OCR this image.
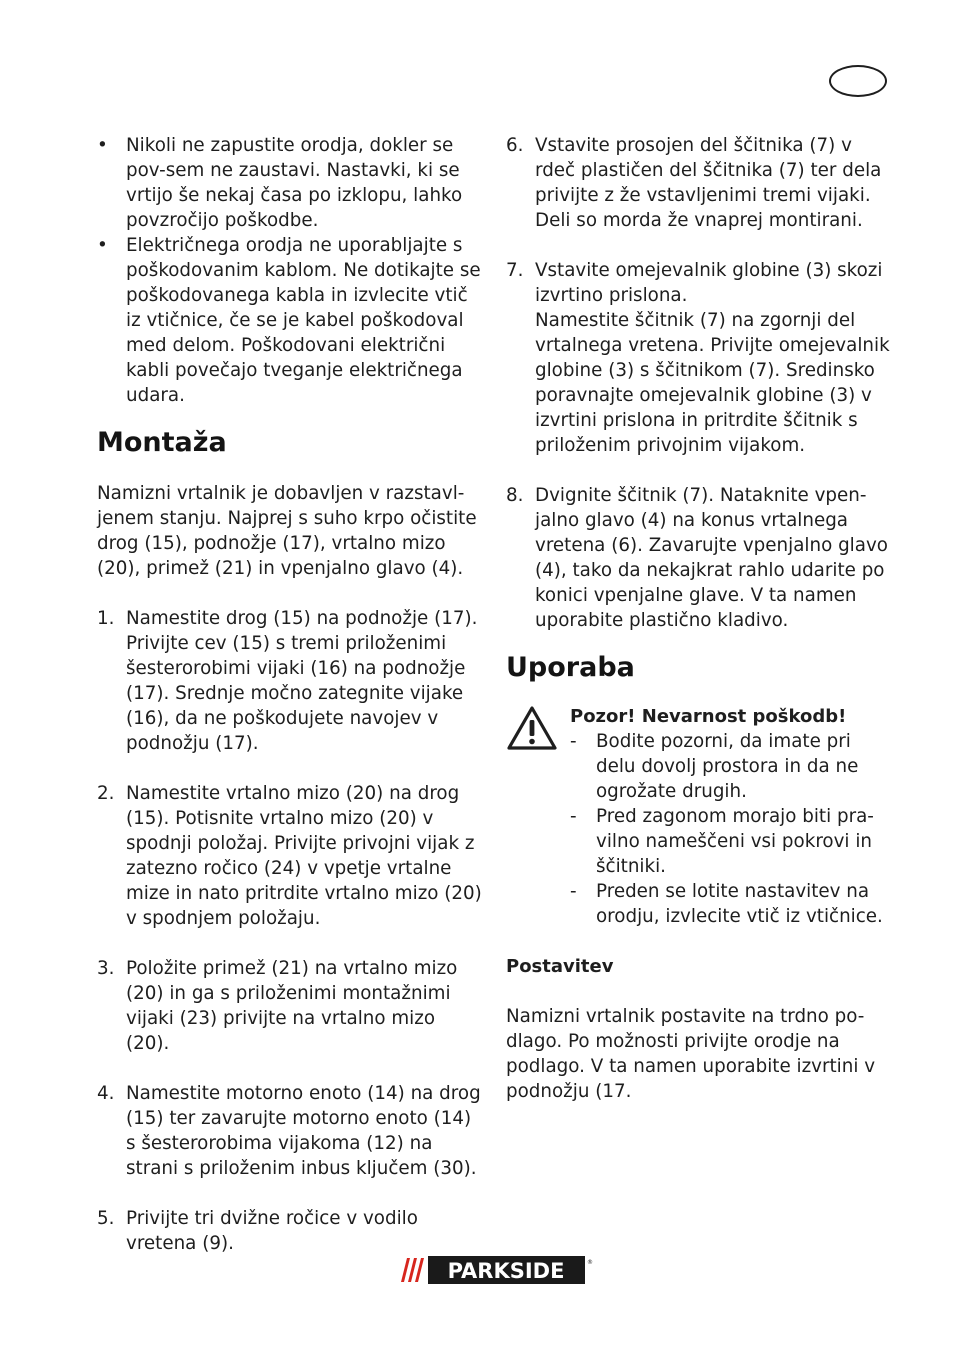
• Nikoli ne zapustite orodja, dokler se pov-sem ne zaustavi. Nastavki, ki se vrtijo še nekaj časa po izklopu, lahko povzročijo poškodbe.

• Električnega orodja ne uporabljajte s poškodovanim kablom. Ne dotikajte se poškodovanega kabla in izvlecite vtič iz vtičnice, če se je kabel poškodoval med delom. Poškodovani električni kabli povečajo tveganje električnega udara.

Montaža

Namizni vrtalnik je dobavljen v razstavl-jenem stanju. Najprej s suho krpo očistite drog (15), podnožje (17), vrtalno mizo (20), primež (21) in vpenjalno glavo (4).

1. Namestite drog (15) na podnožje (17). Privijte cev (15) s tremi priloženimi šesterorobimi vijaki (16) na podnožje (17). Srednje močno zategnite vijake (16), da ne poškodujete navojev v podnožju (17).

2. Namestite vrtalno mizo (20) na drog (15). Potisnite vrtalno mizo (20) v spodnji položaj. Privijte privojni vijak z zatezno ročico (24) v vpetje vrtalne mize in nato pritrdite vrtalno mizo (20) v spodnjem položaju.

3. Položite primež (21) na vrtalno mizo (20) in ga s priloženimi montažnimi vijaki (23) privijte na vrtalno mizo (20).

4. Namestite motorno enoto (14) na drog (15) ter zavarujte motorno enoto (14) s šesterorobima vijakoma (12) na strani s priloženim inbus ključem (30).

5. Privijte tri dvižne ročice v vodilo vretena (9).

6. Vstavite prosojen del ščitnika (7) v rdeč plastičen del ščitnika (7) ter dela privijte z že vstavljenimi tremi vijaki. Deli so morda že vnaprej montirani.

7. Vstavite omejevalnik globine (3) skozi izvrtino prislona.
Namestite ščitnik (7) na zgornji del vrtalnega vretena. Privijte omejevalnik globine (3) s ščitnikom (7). Sredinsko poravnajte omejevalnik globine (3) v izvrtini prislona in pritrdite ščitnik s priloženim privojnim vijakom.

8. Dvignite ščitnik (7). Nataknite vpen-jalno glavo (4) na konus vrtalnega vretena (6). Zavarujte vpenjalno glavo (4), tako da nekajkrat rahlo udarite po konici vpenjalne glave. V ta namen uporabite plastično kladivo.

Uporaba
Pozor! Nevarnost poškodb!

- Bodite pozorni, da imate pri delu dovolj prostora in da ne ogrožate drugih.

- Pred zagonom morajo biti pra-vilno nameščeni vsi pokrovi in ščitniki.

- Preden se lotite nastavitev na orodju, izvlecite vtič iz vtičnice.

Postavitev

Namizni vrtalnik postavite na trdno po-dlago. Po možnosti privijte orodje na podlago. V ta namen uporabite izvrtini v podnožju (17.

PARKSIDE	®
